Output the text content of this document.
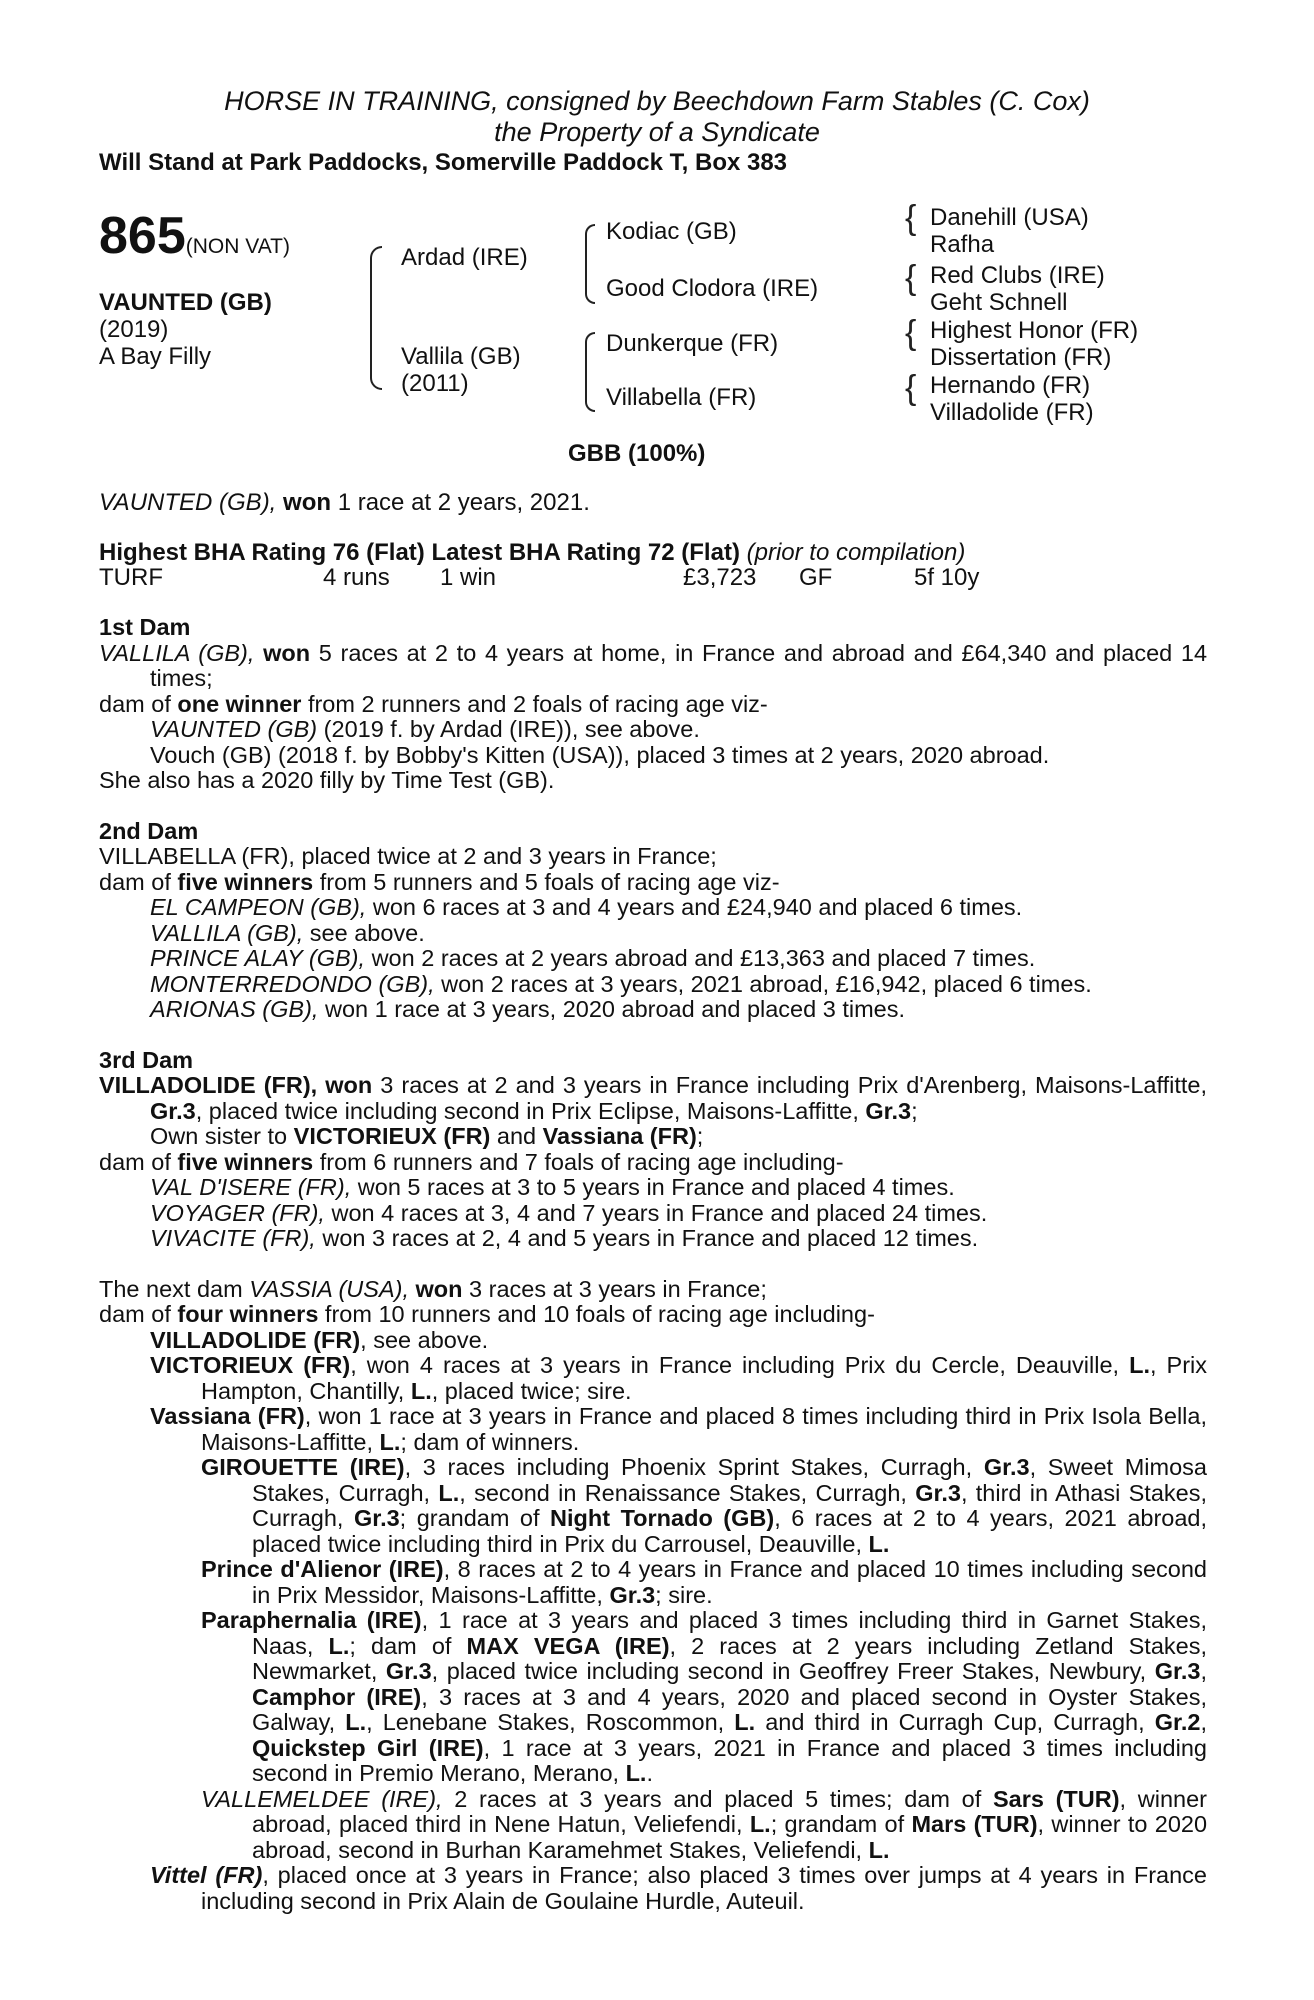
HORSE IN TRAINING, consigned by Beechdown Farm Stables (C. Cox)
the Property of a Syndicate
Will Stand at Park Paddocks, Somerville Paddock T, Box 383
865(NON VAT)
VAUNTED (GB)
(2019)
A Bay Filly
Ardad (IRE)
Vallila (GB)
(2011)
Kodiac (GB)
Good Clodora (IRE)
Dunkerque (FR)
Villabella (FR)
{
{
{
{
Danehill (USA)
Rafha
Red Clubs (IRE)
Geht Schnell
Highest Honor (FR)
Dissertation (FR)
Hernando (FR)
Villadolide (FR)
GBB (100%)
VAUNTED (GB), won 1 race at 2 years, 2021.
Highest BHA Rating 76 (Flat) Latest BHA Rating 72 (Flat) (prior to compilation)
TURF	4 runs 1 win	£3,723 GF	5f 10y

1st Dam

VALLILA (GB), won 5 races at 2 to 4 years at home, in France and abroad and £64,340 and placed 14 times;

dam of one winner from 2 runners and 2 foals of racing age viz-

VAUNTED (GB) (2019 f. by Ardad (IRE)), see above.

Vouch (GB) (2018 f. by Bobby's Kitten (USA)), placed 3 times at 2 years, 2020 abroad.

She also has a 2020 filly by Time Test (GB).

2nd Dam

VILLABELLA (FR), placed twice at 2 and 3 years in France;

dam of five winners from 5 runners and 5 foals of racing age viz-

EL CAMPEON (GB), won 6 races at 3 and 4 years and £24,940 and placed 6 times.

VALLILA (GB), see above.

PRINCE ALAY (GB), won 2 races at 2 years abroad and £13,363 and placed 7 times.

MONTERREDONDO (GB), won 2 races at 3 years, 2021 abroad, £16,942, placed 6 times.

ARIONAS (GB), won 1 race at 3 years, 2020 abroad and placed 3 times.

3rd Dam

VILLADOLIDE (FR), won 3 races at 2 and 3 years in France including Prix d'Arenberg, Maisons-Laffitte, Gr.3, placed twice including second in Prix Eclipse, Maisons-Laffitte, Gr.3;

Own sister to VICTORIEUX (FR) and Vassiana (FR);

dam of five winners from 6 runners and 7 foals of racing age including-

VAL D'ISERE (FR), won 5 races at 3 to 5 years in France and placed 4 times.

VOYAGER (FR), won 4 races at 3, 4 and 7 years in France and placed 24 times.

VIVACITE (FR), won 3 races at 2, 4 and 5 years in France and placed 12 times.

The next dam VASSIA (USA), won 3 races at 3 years in France;

dam of four winners from 10 runners and 10 foals of racing age including-

VILLADOLIDE (FR), see above.

VICTORIEUX (FR), won 4 races at 3 years in France including Prix du Cercle, Deauville, L., Prix Hampton, Chantilly, L., placed twice; sire.

Vassiana (FR), won 1 race at 3 years in France and placed 8 times including third in Prix Isola Bella, Maisons-Laffitte, L.; dam of winners.

GIROUETTE (IRE), 3 races including Phoenix Sprint Stakes, Curragh, Gr.3, Sweet Mimosa Stakes, Curragh, L., second in Renaissance Stakes, Curragh, Gr.3, third in Athasi Stakes, Curragh, Gr.3; grandam of Night Tornado (GB), 6 races at 2 to 4 years, 2021 abroad, placed twice including third in Prix du Carrousel, Deauville, L.

Prince d'Alienor (IRE), 8 races at 2 to 4 years in France and placed 10 times including second in Prix Messidor, Maisons-Laffitte, Gr.3; sire.

Paraphernalia (IRE), 1 race at 3 years and placed 3 times including third in Garnet Stakes, Naas, L.; dam of MAX VEGA (IRE), 2 races at 2 years including Zetland Stakes, Newmarket, Gr.3, placed twice including second in Geoffrey Freer Stakes, Newbury, Gr.3, Camphor (IRE), 3 races at 3 and 4 years, 2020 and placed second in Oyster Stakes, Galway, L., Lenebane Stakes, Roscommon, L. and third in Curragh Cup, Curragh, Gr.2, Quickstep Girl (IRE), 1 race at 3 years, 2021 in France and placed 3 times including second in Premio Merano, Merano, L..

VALLEMELDEE (IRE), 2 races at 3 years and placed 5 times; dam of Sars (TUR), winner abroad, placed third in Nene Hatun, Veliefendi, L.; grandam of Mars (TUR), winner to 2020 abroad, second in Burhan Karamehmet Stakes, Veliefendi, L.

Vittel (FR), placed once at 3 years in France; also placed 3 times over jumps at 4 years in France including second in Prix Alain de Goulaine Hurdle, Auteuil.
